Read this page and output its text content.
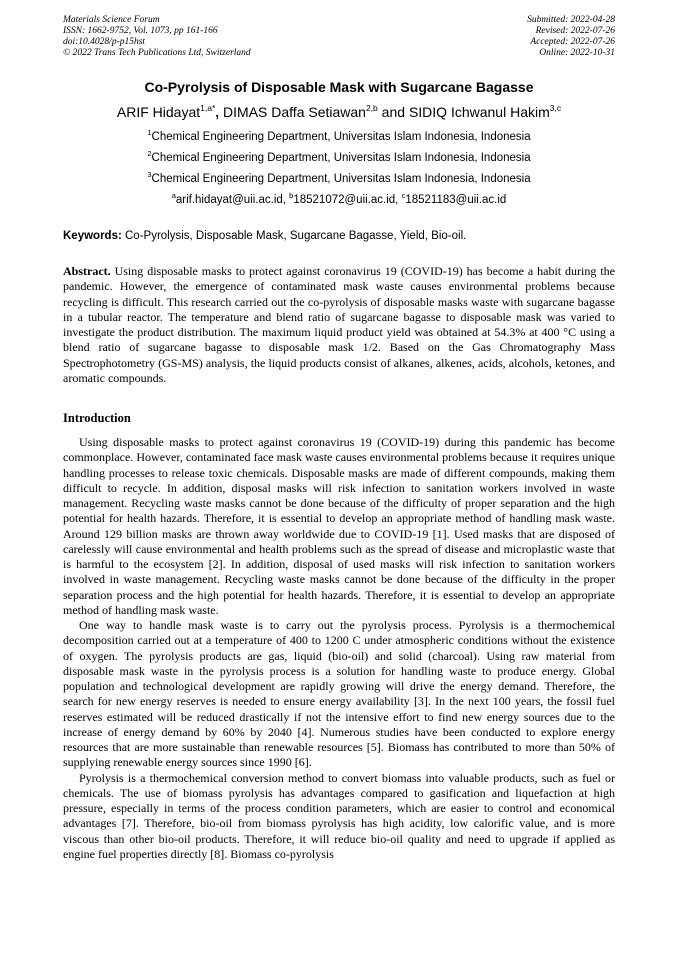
Materials Science Forum
ISSN: 1662-9752, Vol. 1073, pp 161-166
doi:10.4028/p-p15hst
© 2022 Trans Tech Publications Ltd, Switzerland
Submitted: 2022-04-28
Revised: 2022-07-26
Accepted: 2022-07-26
Online: 2022-10-31
Co-Pyrolysis of Disposable Mask with Sugarcane Bagasse
ARIF Hidayat$^{1,a*}$, DIMAS Daffa Setiawan$^{2,b}$ and SIDIQ Ichwanul Hakim$^{3,c}$
$^1$Chemical Engineering Department, Universitas Islam Indonesia, Indonesia
$^2$Chemical Engineering Department, Universitas Islam Indonesia, Indonesia
$^3$Chemical Engineering Department, Universitas Islam Indonesia, Indonesia
$^a$arif.hidayat@uii.ac.id, $^b$18521072@uii.ac.id, $^c$18521183@uii.ac.id
Keywords: Co-Pyrolysis, Disposable Mask, Sugarcane Bagasse, Yield, Bio-oil.
Abstract. Using disposable masks to protect against coronavirus 19 (COVID-19) has become a habit during the pandemic. However, the emergence of contaminated mask waste causes environmental problems because recycling is difficult. This research carried out the co-pyrolysis of disposable masks waste with sugarcane bagasse in a tubular reactor. The temperature and blend ratio of sugarcane bagasse to disposable mask was varied to investigate the product distribution. The maximum liquid product yield was obtained at 54.3% at 400 °C using a blend ratio of sugarcane bagasse to disposable mask 1/2. Based on the Gas Chromatography Mass Spectrophotometry (GS-MS) analysis, the liquid products consist of alkanes, alkenes, acids, alcohols, ketones, and aromatic compounds.
Introduction

Using disposable masks to protect against coronavirus 19 (COVID-19) during this pandemic has become commonplace. However, contaminated face mask waste causes environmental problems because it requires unique handling processes to release toxic chemicals. Disposable masks are made of different compounds, making them difficult to recycle. In addition, disposal masks will risk infection to sanitation workers involved in waste management. Recycling waste masks cannot be done because of the difficulty of proper separation and the high potential for health hazards. Therefore, it is essential to develop an appropriate method of handling mask waste. Around 129 billion masks are thrown away worldwide due to COVID-19 [1]. Used masks that are disposed of carelessly will cause environmental and health problems such as the spread of disease and microplastic waste that is harmful to the ecosystem [2]. In addition, disposal of used masks will risk infection to sanitation workers involved in waste management. Recycling waste masks cannot be done because of the difficulty in the proper separation process and the high potential for health hazards. Therefore, it is essential to develop an appropriate method of handling mask waste.

One way to handle mask waste is to carry out the pyrolysis process. Pyrolysis is a thermochemical decomposition carried out at a temperature of 400 to 1200 C under atmospheric conditions without the existence of oxygen. The pyrolysis products are gas, liquid (bio-oil) and solid (charcoal). Using raw material from disposable mask waste in the pyrolysis process is a solution for handling waste to produce energy. Global population and technological development are rapidly growing will drive the energy demand. Therefore, the search for new energy reserves is needed to ensure energy availability [3]. In the next 100 years, the fossil fuel reserves estimated will be reduced drastically if not the intensive effort to find new energy sources due to the increase of energy demand by 60% by 2040 [4]. Numerous studies have been conducted to explore energy resources that are more sustainable than renewable resources [5]. Biomass has contributed to more than 50% of supplying renewable energy sources since 1990 [6].

Pyrolysis is a thermochemical conversion method to convert biomass into valuable products, such as fuel or chemicals. The use of biomass pyrolysis has advantages compared to gasification and liquefaction at high pressure, especially in terms of the process condition parameters, which are easier to control and economical advantages [7]. Therefore, bio-oil from biomass pyrolysis has high acidity, low calorific value, and is more viscous than other bio-oil products. Therefore, it will reduce bio-oil quality and need to upgrade if applied as engine fuel properties directly [8]. Biomass co-pyrolysis
